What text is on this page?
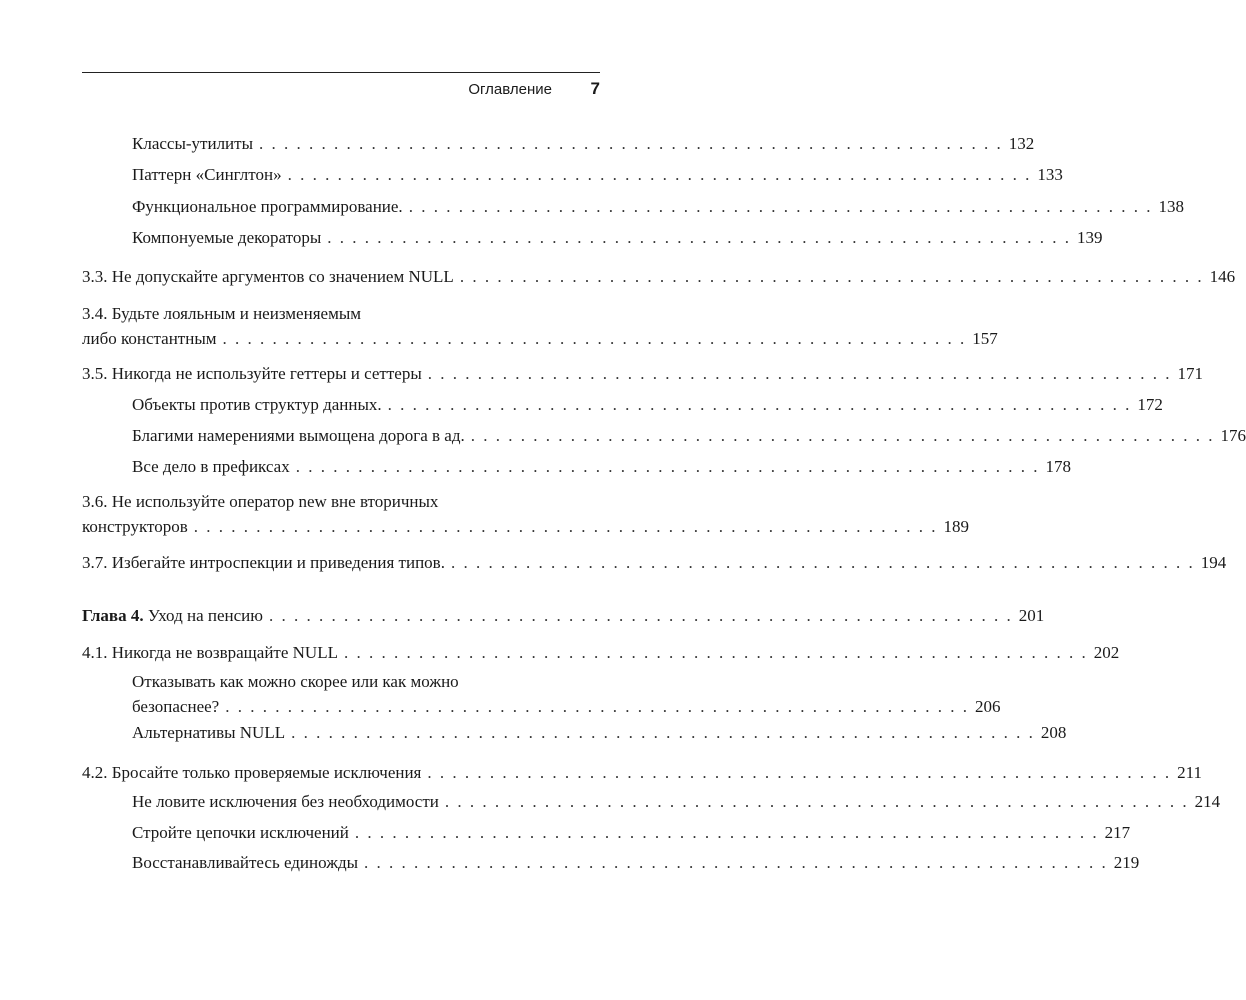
Оглавление 7
Классы-утилиты . . . . . . . . . . . . . . . . . . . . . . . . . . . . . . . . . . . . . . . . . . . . . . . . . . . . . . . . . . . . 132
Паттерн «Синглтон» . . . . . . . . . . . . . . . . . . . . . . . . . . . . . . . . . . . . . . . . . . . . . . . . . . . . . . . . . . . . 133
Функциональное программирование. . . . . . . . . . . . . . . . . . . . . . . . . . . . . . . . . . . . . . . . . . . . . . . . . . . . . . . . . . . . . 138
Компонуемые декораторы . . . . . . . . . . . . . . . . . . . . . . . . . . . . . . . . . . . . . . . . . . . . . . . . . . . . . . . . . . . . 139
3.3. Не допускайте аргументов со значением NULL . . . . . . . . . . . . . . . . . . . . . . . . . . . . . . . . . . . . . . . . . . . . . . . . . . . . . . . . . . . . 146
3.4. Будьте лояльным и неизменяемым
либо константным . . . . . . . . . . . . . . . . . . . . . . . . . . . . . . . . . . . . . . . . . . . . . . . . . . . . . . . . . . . . 157
3.5. Никогда не используйте геттеры и сеттеры . . . . . . . . . . . . . . . . . . . . . . . . . . . . . . . . . . . . . . . . . . . . . . . . . . . . . . . . . . . . 171
Объекты против структур данных. . . . . . . . . . . . . . . . . . . . . . . . . . . . . . . . . . . . . . . . . . . . . . . . . . . . . . . . . . . . . 172
Благими намерениями вымощена дорога в ад. . . . . . . . . . . . . . . . . . . . . . . . . . . . . . . . . . . . . . . . . . . . . . . . . . . . . . . . . . . . . 176
Все дело в префиксах . . . . . . . . . . . . . . . . . . . . . . . . . . . . . . . . . . . . . . . . . . . . . . . . . . . . . . . . . . . . 178
3.6. Не используйте оператор new вне вторичных
конструкторов . . . . . . . . . . . . . . . . . . . . . . . . . . . . . . . . . . . . . . . . . . . . . . . . . . . . . . . . . . . . 189
3.7. Избегайте интроспекции и приведения типов. . . . . . . . . . . . . . . . . . . . . . . . . . . . . . . . . . . . . . . . . . . . . . . . . . . . . . . . . . . . . 194
Глава 4. Уход на пенсию . . . . . . . . . . . . . . . . . . . . . . . . . . . . . . . . . . . . . . . . . . . . . . . . . . . . . . . . . . . . 201
4.1. Никогда не возвращайте NULL . . . . . . . . . . . . . . . . . . . . . . . . . . . . . . . . . . . . . . . . . . . . . . . . . . . . . . . . . . . . 202
Отказывать как можно скорее или как можно
безопаснее? . . . . . . . . . . . . . . . . . . . . . . . . . . . . . . . . . . . . . . . . . . . . . . . . . . . . . . . . . . . . 206
Альтернативы NULL . . . . . . . . . . . . . . . . . . . . . . . . . . . . . . . . . . . . . . . . . . . . . . . . . . . . . . . . . . . . 208
4.2. Бросайте только проверяемые исключения . . . . . . . . . . . . . . . . . . . . . . . . . . . . . . . . . . . . . . . . . . . . . . . . . . . . . . . . . . . . 211
Не ловите исключения без необходимости . . . . . . . . . . . . . . . . . . . . . . . . . . . . . . . . . . . . . . . . . . . . . . . . . . . . . . . . . . . . 214
Стройте цепочки исключений . . . . . . . . . . . . . . . . . . . . . . . . . . . . . . . . . . . . . . . . . . . . . . . . . . . . . . . . . . . . 217
Восстанавливайтесь единожды . . . . . . . . . . . . . . . . . . . . . . . . . . . . . . . . . . . . . . . . . . . . . . . . . . . . . . . . . . . . 219
